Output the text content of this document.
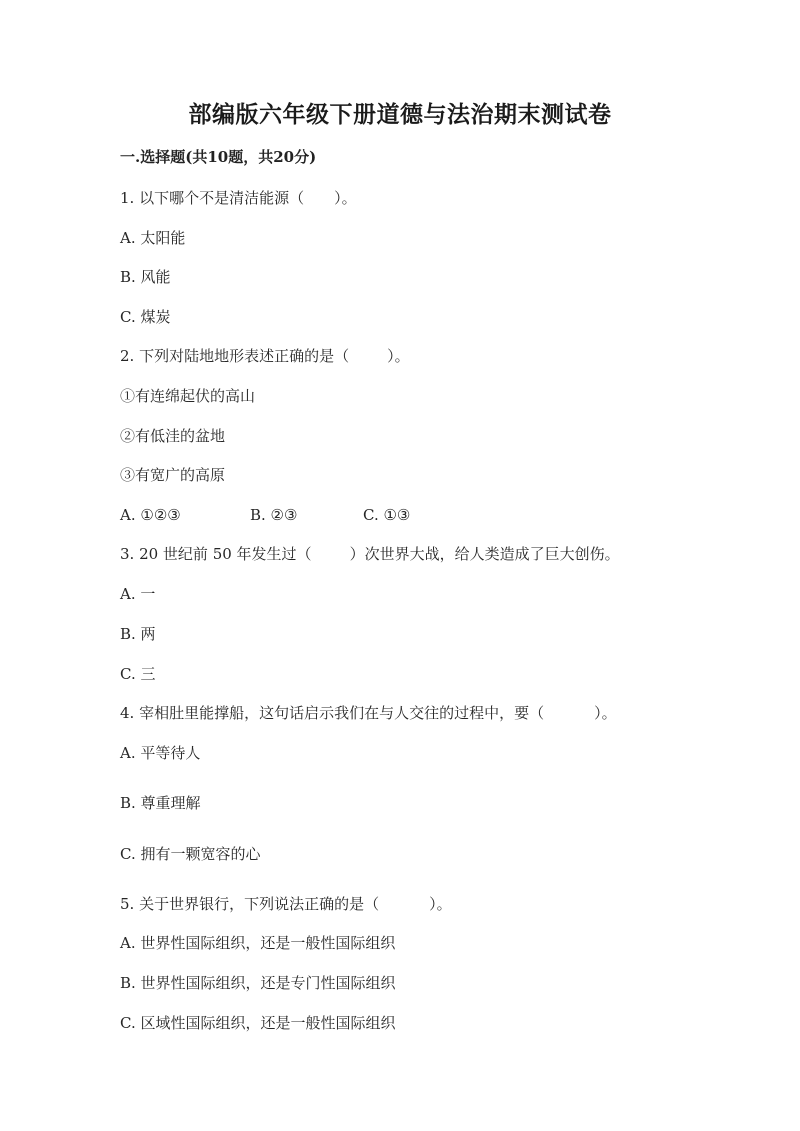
部编版六年级下册道德与法治期末测试卷
一.选择题(共10题，共20分)
1. 以下哪个不是清洁能源（ ）。
A. 太阳能
B. 风能
C. 煤炭
2. 下列对陆地地形表述正确的是（	）。
①有连绵起伏的高山
②有低洼的盆地
③有宽广的高原
A. ①②③	B. ②③	C. ①③
3. 20 世纪前 50 年发生过（	）次世界大战，给人类造成了巨大创伤。
A. 一
B. 两
C. 三
4. 宰相肚里能撑船，这句话启示我们在与人交往的过程中，要（	）。
A. 平等待人
B. 尊重理解
C. 拥有一颗宽容的心
5. 关于世界银行，下列说法正确的是（	）。
A. 世界性国际组织，还是一般性国际组织
B. 世界性国际组织，还是专门性国际组织
C. 区域性国际组织，还是一般性国际组织
